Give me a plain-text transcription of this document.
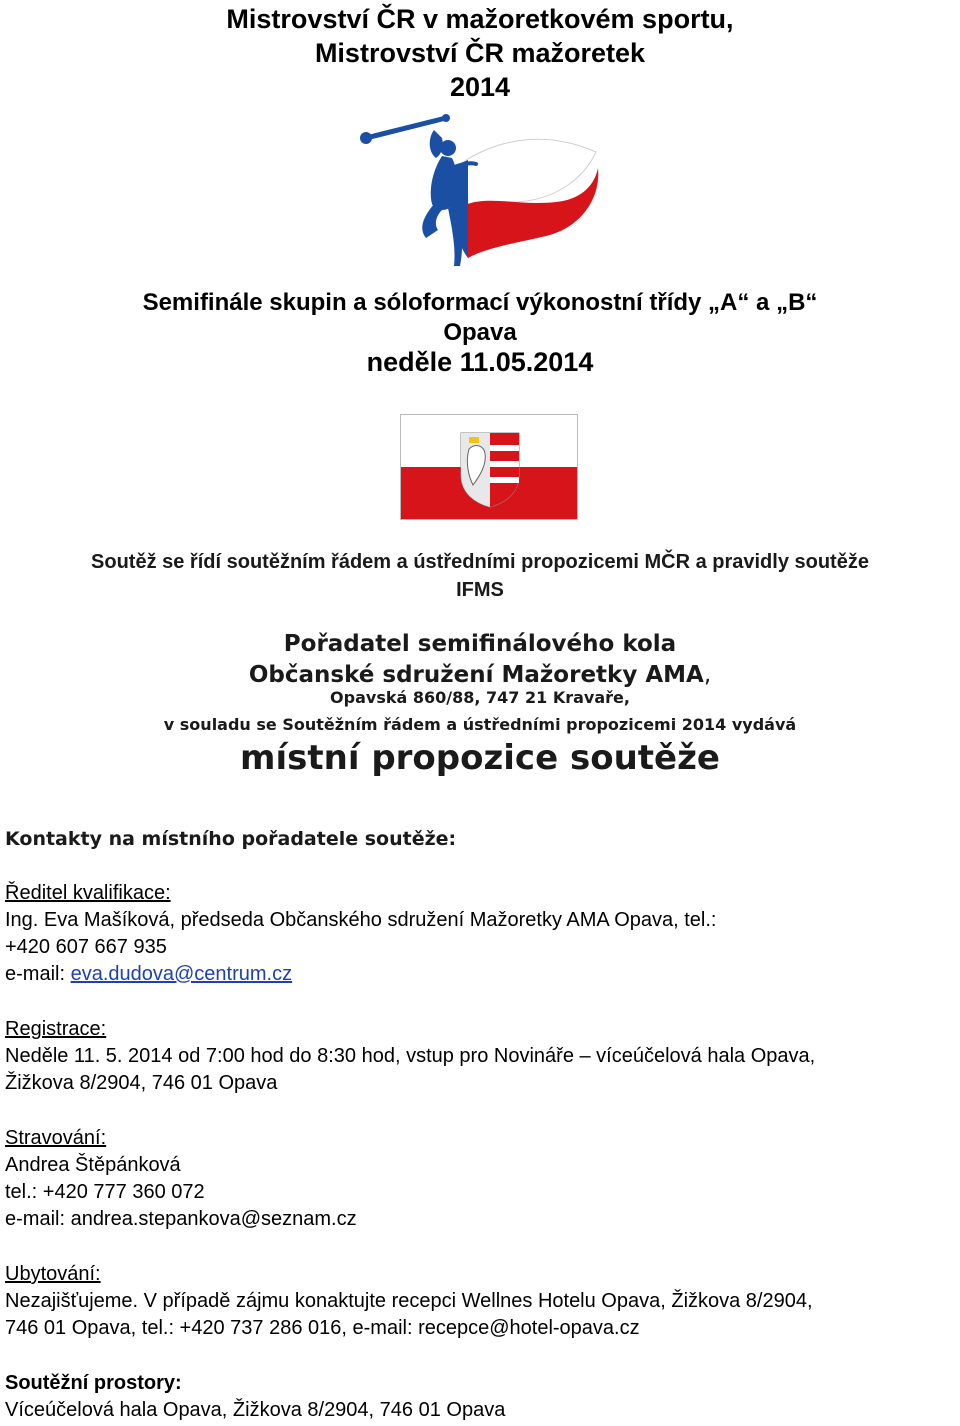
Mistrovství ČR v mažoretkovém sportu,
Mistrovství ČR mažoretek
2014
Semifinále skupin a sóloformací výkonostní třídy „A“ a „B“
Opava
neděle 11.05.2014
Soutěž se řídí soutěžním řádem a ústředními propozicemi MČR a pravidly soutěže
IFMS
Pořadatel semifinálového kola
Občanské sdružení Mažoretky AMA,
Opavská 860/88, 747 21 Kravaře,
v souladu se Soutěžním řádem a ústředními propozicemi 2014 vydává
místní propozice soutěže
Kontakty na místního pořadatele soutěže:
Ředitel kvalifikace:
Ing. Eva Mašíková, předseda Občanského sdružení Mažoretky AMA Opava, tel.:
+420 607 667 935
e-mail: eva.dudova@centrum.cz
Registrace:
Neděle 11. 5. 2014 od 7:00 hod do 8:30 hod, vstup pro Novináře – víceúčelová hala Opava,
Žižkova 8/2904, 746 01 Opava
Stravování:
Andrea Štěpánková
tel.: +420 777 360 072
e-mail: andrea.stepankova@seznam.cz
Ubytování:
Nezajišťujeme. V případě zájmu konaktujte recepci Wellnes Hotelu Opava, Žižkova 8/2904,
746 01 Opava, tel.: +420 737 286 016, e-mail: recepce@hotel-opava.cz
Soutěžní prostory:
Víceúčelová hala Opava, Žižkova 8/2904, 746 01 Opava
